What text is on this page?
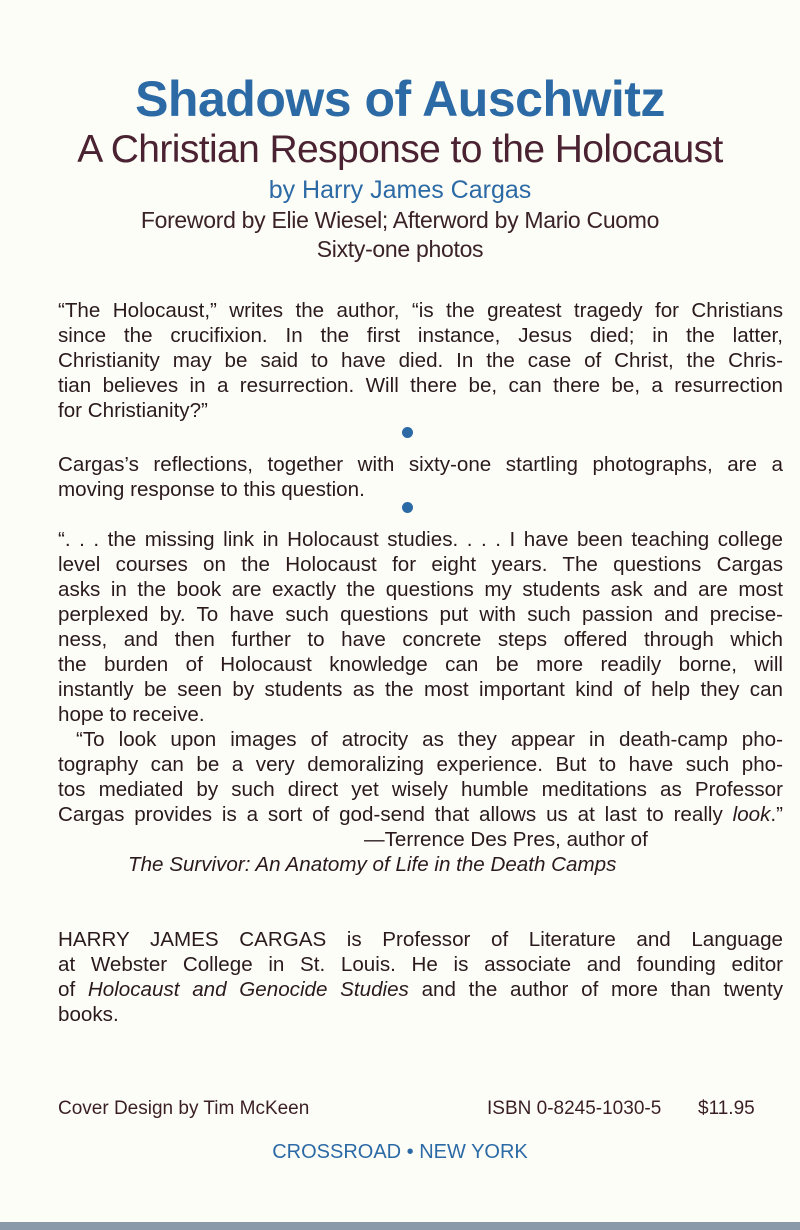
Shadows of Auschwitz
A Christian Response to the Holocaust
by Harry James Cargas
Foreword by Elie Wiesel; Afterword by Mario Cuomo
Sixty-one photos
“The Holocaust,” writes the author, “is the greatest tragedy for Christians
since the crucifixion. In the first instance, Jesus died; in the latter,
Christianity may be said to have died. In the case of Christ, the Chris-
tian believes in a resurrection. Will there be, can there be, a resurrection
for Christianity?”
Cargas’s reflections, together with sixty-one startling photographs, are a
moving response to this question.
“. . . the missing link in Holocaust studies. . . . I have been teaching college
level courses on the Holocaust for eight years. The questions Cargas
asks in the book are exactly the questions my students ask and are most
perplexed by. To have such questions put with such passion and precise-
ness, and then further to have concrete steps offered through which
the burden of Holocaust knowledge can be more readily borne, will
instantly be seen by students as the most important kind of help they can
hope to receive.
“To look upon images of atrocity as they appear in death-camp pho-
tography can be a very demoralizing experience. But to have such pho-
tos mediated by such direct yet wisely humble meditations as Professor
Cargas provides is a sort of god-send that allows us at last to really look.”
—Terrence Des Pres, author of
The Survivor: An Anatomy of Life in the Death Camps
HARRY JAMES CARGAS is Professor of Literature and Language
at Webster College in St. Louis. He is associate and founding editor
of Holocaust and Genocide Studies and the author of more than twenty
books.
Cover Design by Tim McKeen	ISBN 0-8245-1030-5 $11.95
CROSSROAD • NEW YORK
